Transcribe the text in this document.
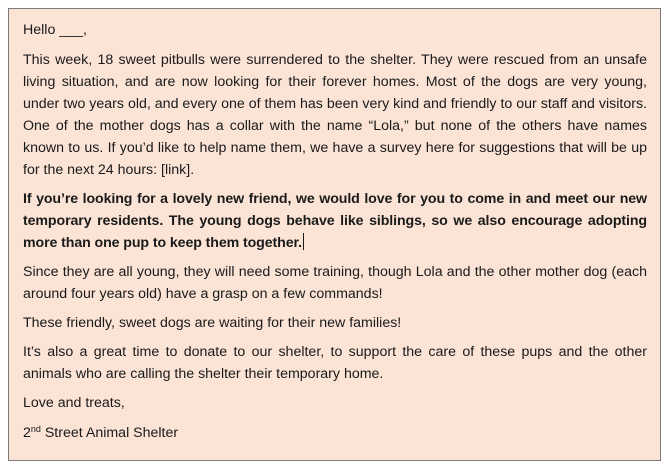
Hello ___,

This week, 18 sweet pitbulls were surrendered to the shelter. They were rescued from an unsafe living situation, and are now looking for their forever homes. Most of the dogs are very young, under two years old, and every one of them has been very kind and friendly to our staff and visitors. One of the mother dogs has a collar with the name “Lola,” but none of the others have names known to us. If you’d like to help name them, we have a survey here for suggestions that will be up for the next 24 hours: [link].

If you’re looking for a lovely new friend, we would love for you to come in and meet our new temporary residents. The young dogs behave like siblings, so we also encourage adopting more than one pup to keep them together.

Since they are all young, they will need some training, though Lola and the other mother dog (each around four years old) have a grasp on a few commands!

These friendly, sweet dogs are waiting for their new families!

It’s also a great time to donate to our shelter, to support the care of these pups and the other animals who are calling the shelter their temporary home.

Love and treats,

2nd Street Animal Shelter
